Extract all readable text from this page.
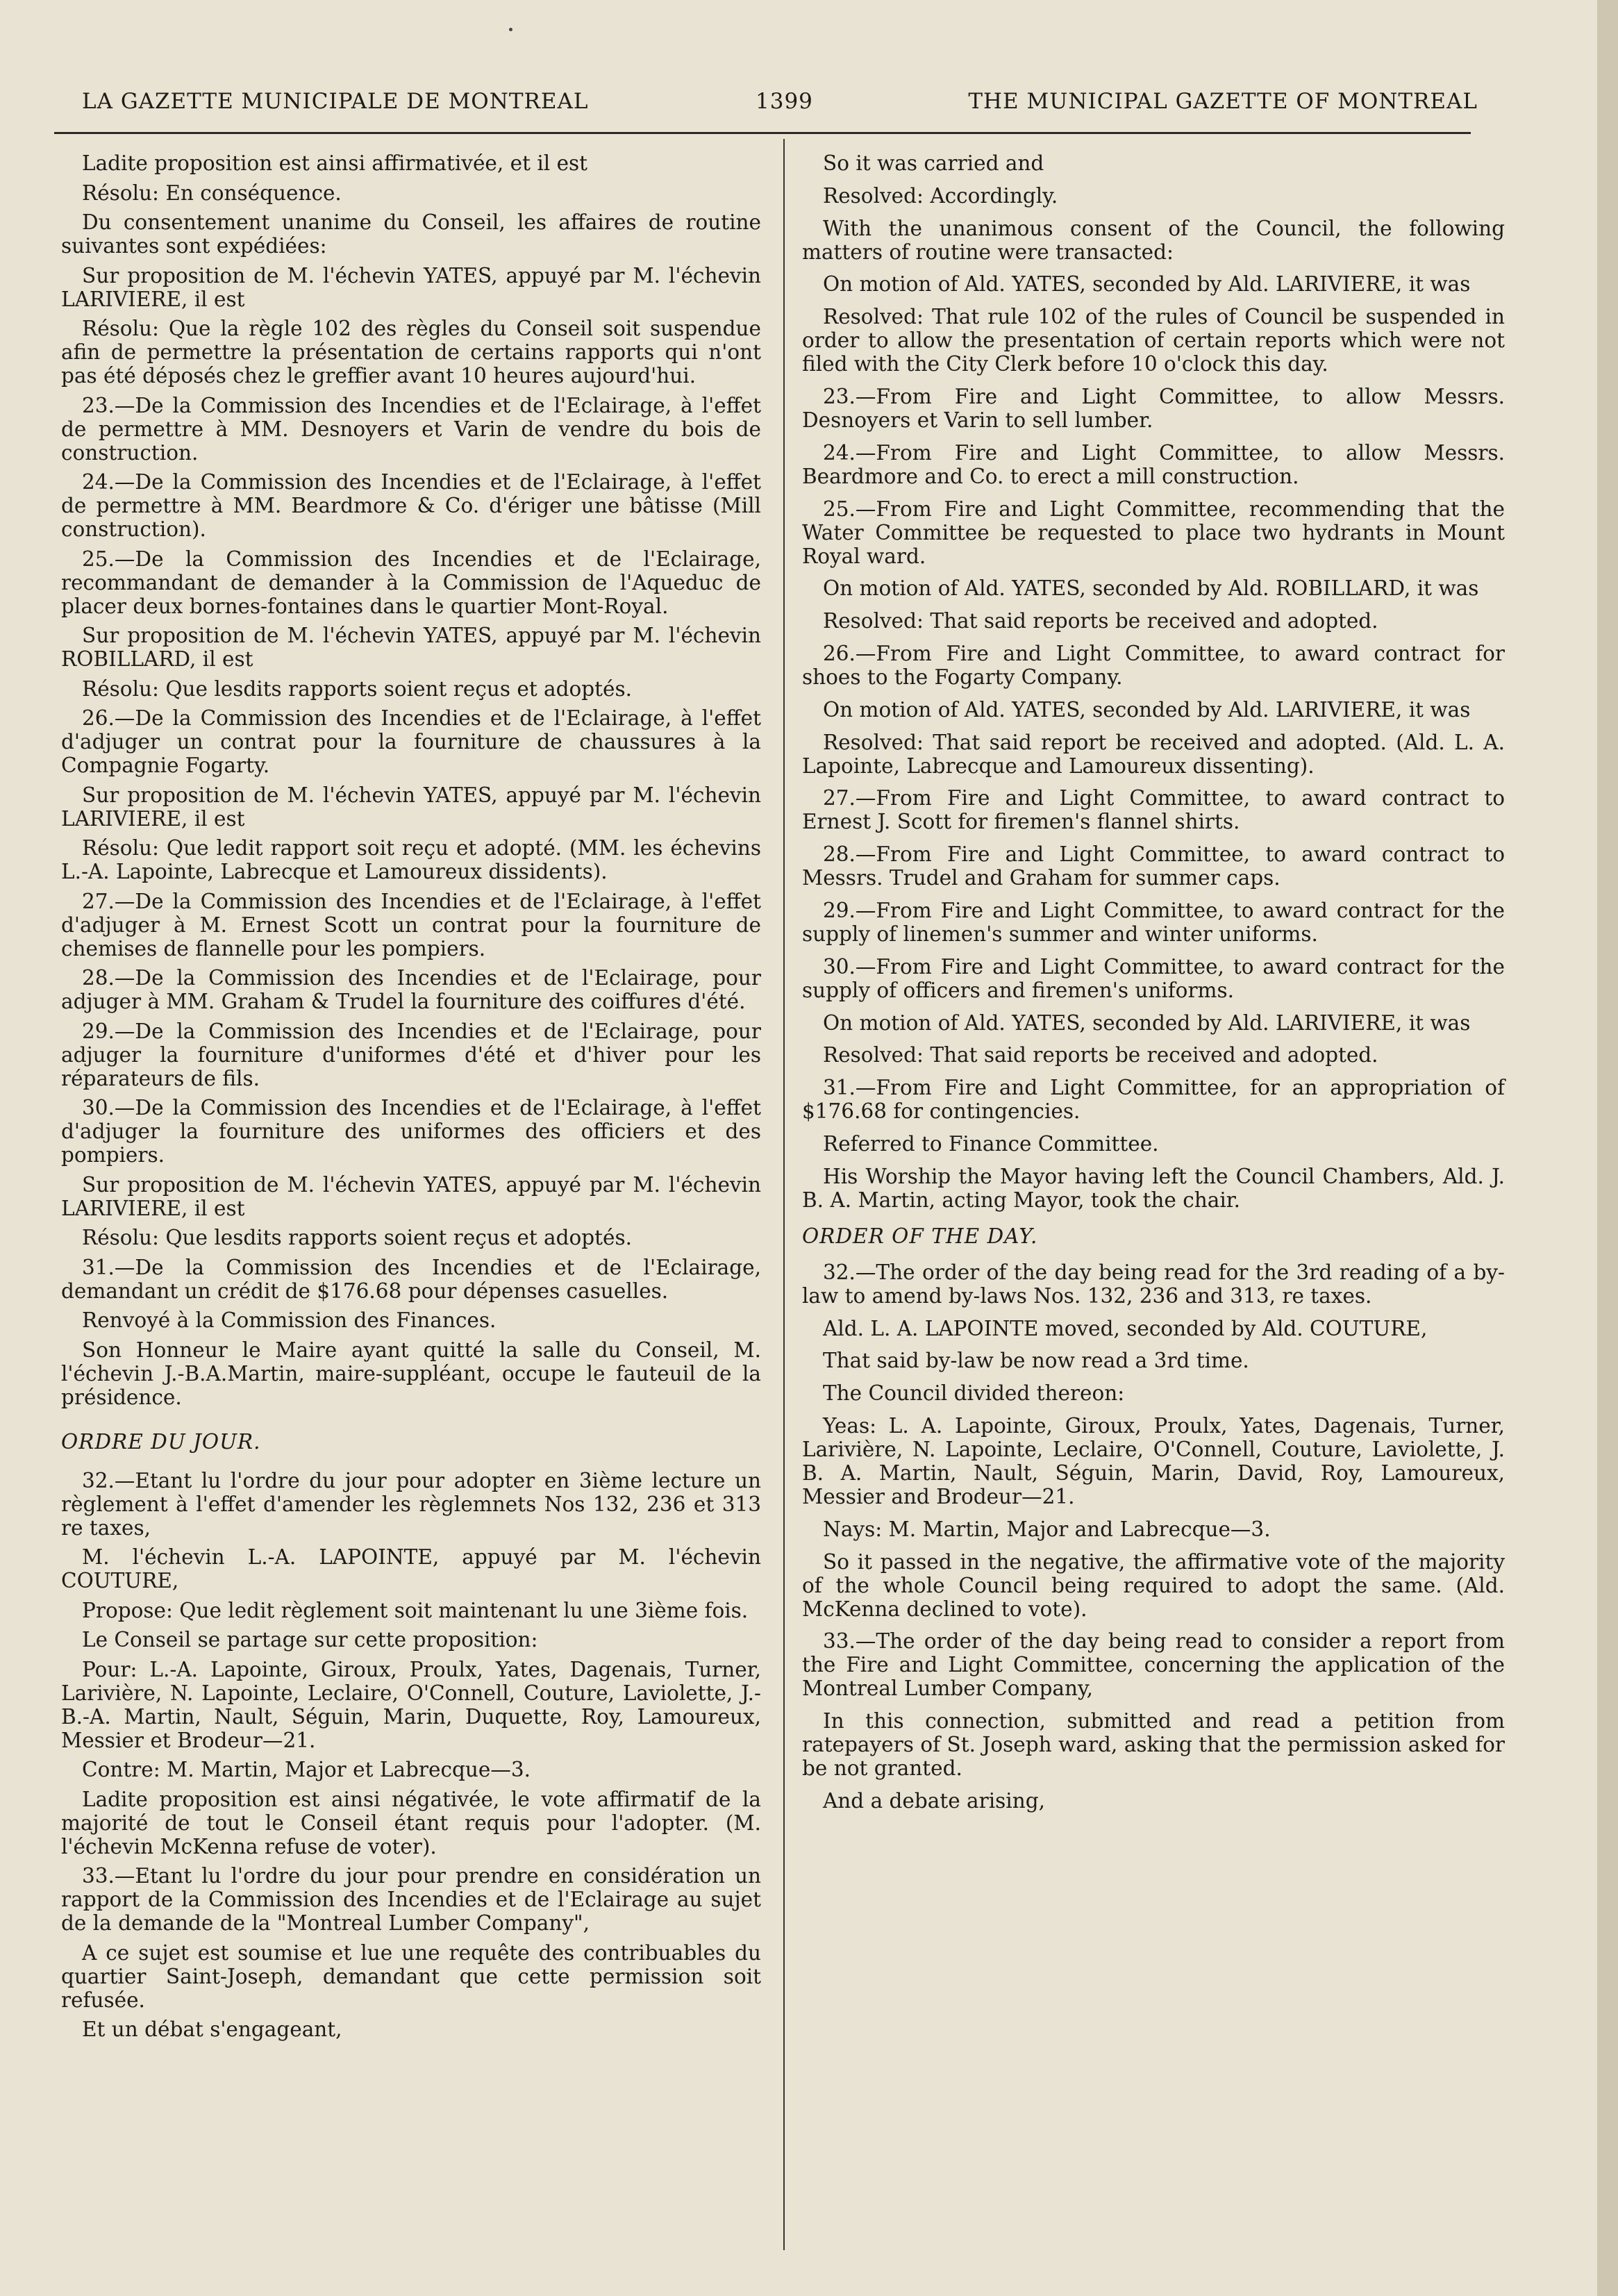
LA GAZETTE MUNICIPALE DE MONTREAL	1399	THE MUNICIPAL GAZETTE OF MONTREAL

Ladite proposition est ainsi affirmativée, et il est

Résolu: En conséquence.

Du consentement unanime du Conseil, les affaires de routine suivantes sont expédiées:

Sur proposition de M. l'échevin YATES, appuyé par M. l'échevin LARIVIERE, il est

Résolu: Que la règle 102 des règles du Conseil soit suspendue afin de permettre la présentation de certains rapports qui n'ont pas été déposés chez le greffier avant 10 heures aujourd'hui.

23.—De la Commission des Incendies et de l'Eclairage, à l'effet de permettre à MM. Desnoyers et Varin de vendre du bois de construction.

24.—De la Commission des Incendies et de l'Eclairage, à l'effet de permettre à MM. Beardmore & Co. d'ériger une bâtisse (Mill construction).

25.—De la Commission des Incendies et de l'Eclairage, recommandant de demander à la Commission de l'Aqueduc de placer deux bornes-fontaines dans le quartier Mont-Royal.

Sur proposition de M. l'échevin YATES, appuyé par M. l'échevin ROBILLARD, il est

Résolu: Que lesdits rapports soient reçus et adoptés.

26.—De la Commission des Incendies et de l'Eclairage, à l'effet d'adjuger un contrat pour la fourniture de chaussures à la Compagnie Fogarty.

Sur proposition de M. l'échevin YATES, appuyé par M. l'échevin LARIVIERE, il est

Résolu: Que ledit rapport soit reçu et adopté. (MM. les échevins L.-A. Lapointe, Labrecque et Lamoureux dissidents).

27.—De la Commission des Incendies et de l'Eclairage, à l'effet d'adjuger à M. Ernest Scott un contrat pour la fourniture de chemises de flannelle pour les pompiers.

28.—De la Commission des Incendies et de l'Eclairage, pour adjuger à MM. Graham & Trudel la fourniture des coiffures d'été.

29.—De la Commission des Incendies et de l'Eclairage, pour adjuger la fourniture d'uniformes d'été et d'hiver pour les réparateurs de fils.

30.—De la Commission des Incendies et de l'Eclairage, à l'effet d'adjuger la fourniture des uniformes des officiers et des pompiers.

Sur proposition de M. l'échevin YATES, appuyé par M. l'échevin LARIVIERE, il est

Résolu: Que lesdits rapports soient reçus et adoptés.

31.—De la Commission des Incendies et de l'Eclairage, demandant un crédit de $176.68 pour dépenses casuelles.

Renvoyé à la Commission des Finances.

Son Honneur le Maire ayant quitté la salle du Conseil, M. l'échevin J.-B.A.Martin, maire-suppléant, occupe le fauteuil de la présidence.

ORDRE DU JOUR.

32.—Etant lu l'ordre du jour pour adopter en 3ième lecture un règlement à l'effet d'amender les règlemnets Nos 132, 236 et 313 re taxes,

M. l'échevin L.-A. LAPOINTE, appuyé par M. l'échevin COUTURE,

Propose: Que ledit règlement soit maintenant lu une 3ième fois.

Le Conseil se partage sur cette proposition:

Pour: L.-A. Lapointe, Giroux, Proulx, Yates, Dagenais, Turner, Larivière, N. Lapointe, Leclaire, O'Connell, Couture, Laviolette, J.-B.-A. Martin, Nault, Séguin, Marin, Duquette, Roy, Lamoureux, Messier et Brodeur—21.

Contre: M. Martin, Major et Labrecque—3.

Ladite proposition est ainsi négativée, le vote affirmatif de la majorité de tout le Conseil étant requis pour l'adopter. (M. l'échevin McKenna refuse de voter).

33.—Etant lu l'ordre du jour pour prendre en considération un rapport de la Commission des Incendies et de l'Eclairage au sujet de la demande de la "Montreal Lumber Company",

A ce sujet est soumise et lue une requête des contribuables du quartier Saint-Joseph, demandant que cette permission soit refusée.

Et un débat s'engageant,

So it was carried and

Resolved: Accordingly.

With the unanimous consent of the Council, the following matters of routine were transacted:

On motion of Ald. YATES, seconded by Ald. LARIVIERE, it was

Resolved: That rule 102 of the rules of Council be suspended in order to allow the presentation of certain reports which were not filed with the City Clerk before 10 o'clock this day.

23.—From Fire and Light Committee, to allow Messrs. Desnoyers et Varin to sell lumber.

24.—From Fire and Light Committee, to allow Messrs. Beardmore and Co. to erect a mill construction.

25.—From Fire and Light Committee, recommending that the Water Committee be requested to place two hydrants in Mount Royal ward.

On motion of Ald. YATES, seconded by Ald. ROBILLARD, it was

Resolved: That said reports be received and adopted.

26.—From Fire and Light Committee, to award contract for shoes to the Fogarty Company.

On motion of Ald. YATES, seconded by Ald. LARIVIERE, it was

Resolved: That said report be received and adopted. (Ald. L. A. Lapointe, Labrecque and Lamoureux dissenting).

27.—From Fire and Light Committee, to award contract to Ernest J. Scott for firemen's flannel shirts.

28.—From Fire and Light Committee, to award contract to Messrs. Trudel and Graham for summer caps.

29.—From Fire and Light Committee, to award contract for the supply of linemen's summer and winter uniforms.

30.—From Fire and Light Committee, to award contract for the supply of officers and firemen's uniforms.

On motion of Ald. YATES, seconded by Ald. LARIVIERE, it was

Resolved: That said reports be received and adopted.

31.—From Fire and Light Committee, for an appropriation of $176.68 for contingencies.

Referred to Finance Committee.

His Worship the Mayor having left the Council Chambers, Ald. J. B. A. Martin, acting Mayor, took the chair.

ORDER OF THE DAY.

32.—The order of the day being read for the 3rd reading of a by-law to amend by-laws Nos. 132, 236 and 313, re taxes.

Ald. L. A. LAPOINTE moved, seconded by Ald. COUTURE,

That said by-law be now read a 3rd time.

The Council divided thereon:

Yeas: L. A. Lapointe, Giroux, Proulx, Yates, Dagenais, Turner, Larivière, N. Lapointe, Leclaire, O'Connell, Couture, Laviolette, J. B. A. Martin, Nault, Séguin, Marin, David, Roy, Lamoureux, Messier and Brodeur—21.

Nays: M. Martin, Major and Labrecque—3.

So it passed in the negative, the affirmative vote of the majority of the whole Council being required to adopt the same. (Ald. McKenna declined to vote).

33.—The order of the day being read to consider a report from the Fire and Light Committee, concerning the application of the Montreal Lumber Company,

In this connection, submitted and read a petition from ratepayers of St. Joseph ward, asking that the permission asked for be not granted.

And a debate arising,
